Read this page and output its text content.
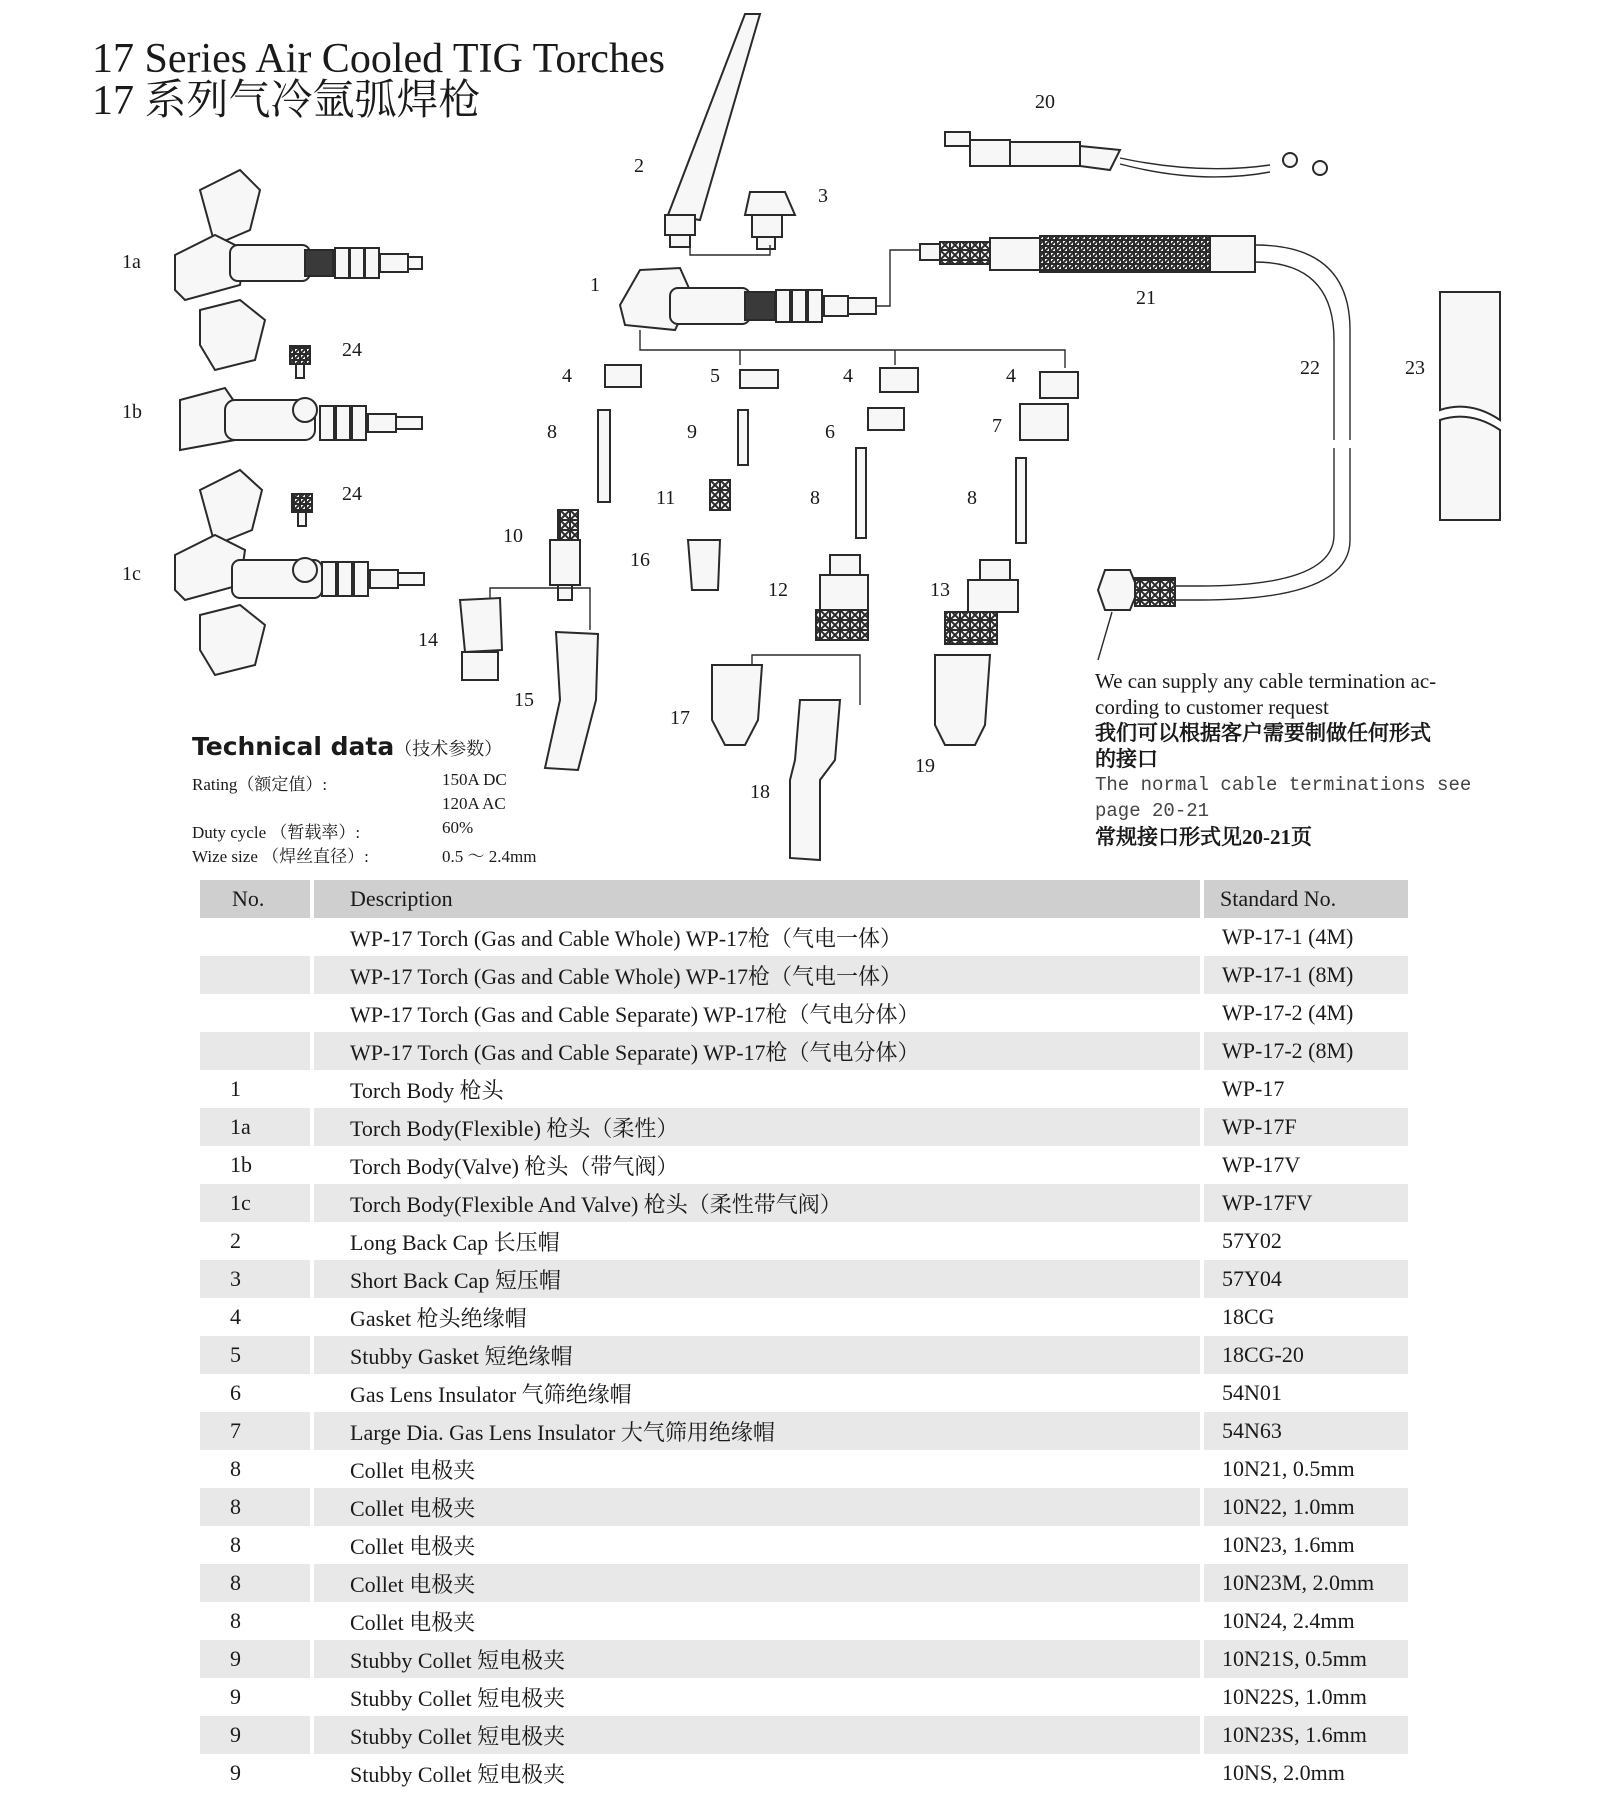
17 Series Air Cooled TIG Torches
17 系列气冷氩弧焊枪
1a
1b
1c
24
24
1
2
3
4	5	4	4
6	7
8	9
8	8
10
11
16
12	13
14
15
17
18
19
20
21
22	23
Technical data（技术参数）
Rating（额定值）:	150A DC
120A AC
Duty cycle （暂载率）:	60%
Wize size （焊丝直径）:	0.5 ～ 2.4mm
We can supply any cable termination ac-
cording to customer request
我们可以根据客户需要制做任何形式
的接口
The normal cable terminations see
page 20-21
常规接口形式见20-21页
No.	Description	Standard No.
	WP-17 Torch (Gas and Cable Whole) WP-17枪（气电一体）	WP-17-1 (4M)
	WP-17 Torch (Gas and Cable Whole) WP-17枪（气电一体）	WP-17-1 (8M)
	WP-17 Torch (Gas and Cable Separate) WP-17枪（气电分体）	WP-17-2 (4M)
	WP-17 Torch (Gas and Cable Separate) WP-17枪（气电分体）	WP-17-2 (8M)
1	Torch Body 枪头	WP-17
1a	Torch Body(Flexible) 枪头（柔性）	WP-17F
1b	Torch Body(Valve) 枪头（带气阀）	WP-17V
1c	Torch Body(Flexible And Valve) 枪头（柔性带气阀）	WP-17FV
2	Long Back Cap 长压帽	57Y02
3	Short Back Cap 短压帽	57Y04
4	Gasket 枪头绝缘帽	18CG
5	Stubby Gasket 短绝缘帽	18CG-20
6	Gas Lens Insulator 气筛绝缘帽	54N01
7	Large Dia. Gas Lens Insulator 大气筛用绝缘帽	54N63
8	Collet 电极夹	10N21, 0.5mm
8	Collet 电极夹	10N22, 1.0mm
8	Collet 电极夹	10N23, 1.6mm
8	Collet 电极夹	10N23M, 2.0mm
8	Collet 电极夹	10N24, 2.4mm
9	Stubby Collet 短电极夹	10N21S, 0.5mm
9	Stubby Collet 短电极夹	10N22S, 1.0mm
9	Stubby Collet 短电极夹	10N23S, 1.6mm
9	Stubby Collet 短电极夹	10NS, 2.0mm
